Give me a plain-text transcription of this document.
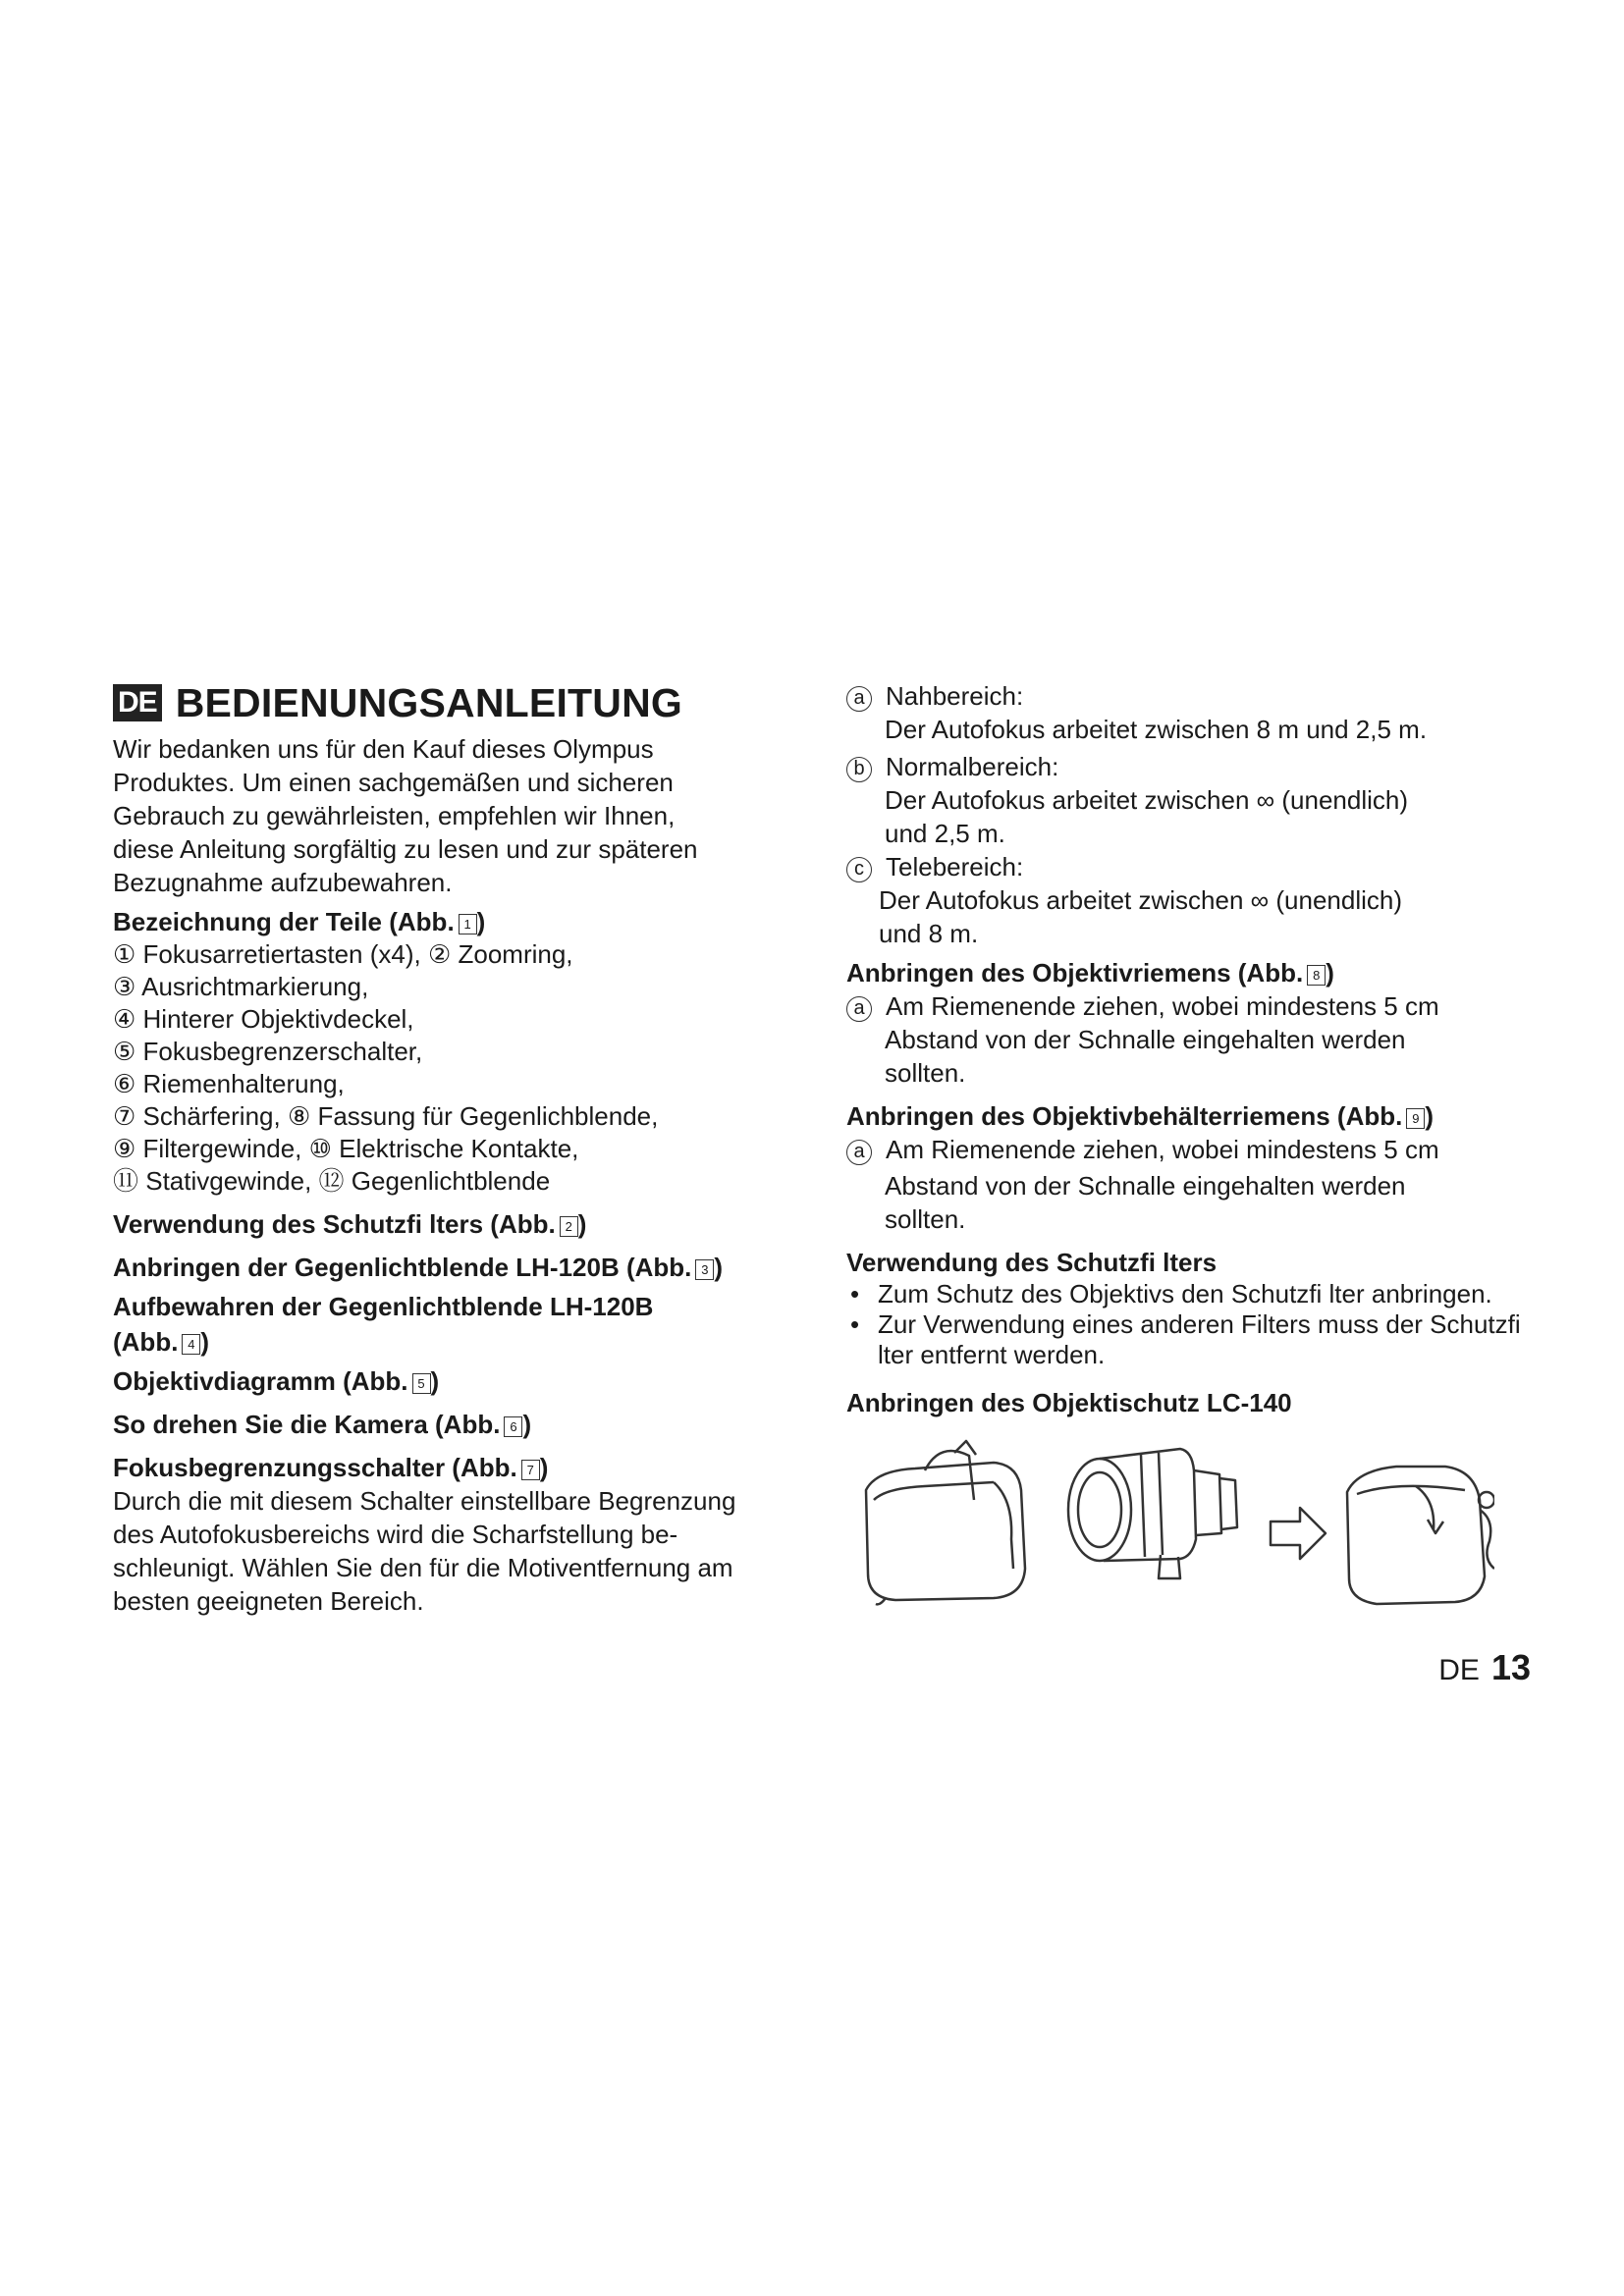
DE BEDIENUNGSANLEITUNG

Wir bedanken uns für den Kauf dieses Olympus

Produktes. Um einen sachgemäßen und sicheren

Gebrauch zu gewährleisten, empfehlen wir Ihnen,

diese Anleitung sorgfältig zu lesen und zur späteren

Bezugnahme aufzubewahren.

Bezeichnung der Teile (Abb. 1 )
① Fokusarretiertasten (x4), ② Zoomring,
③ Ausrichtmarkierung,
④ Hinterer Objektivdeckel,
⑤ Fokusbegrenzerschalter,
⑥ Riemenhalterung,
⑦ Schärfering, ⑧ Fassung für Gegenlichblende,
⑨ Filtergewinde, ⑩ Elektrische Kontakte,
⑪ Stativgewinde, ⑫ Gegenlichtblende
Verwendung des Schutzfi lters (Abb. 2 )
Anbringen der Gegenlichtblende LH-120B (Abb. 3 )
Aufbewahren der Gegenlichtblende LH-120B
(Abb. 4 )
Objektivdiagramm (Abb. 5 )
So drehen Sie die Kamera (Abb. 6 )
Fokusbegrenzungsschalter (Abb. 7 )

Durch die mit diesem Schalter einstellbare Begrenzung

des Autofokusbereichs wird die Scharfstellung be-

schleunigt. Wählen Sie den für die Motiventfernung am

besten geeigneten Bereich.

a Nahbereich:
Der Autofokus arbeitet zwischen 8 m und 2,5 m.
b Normalbereich:
Der Autofokus arbeitet zwischen ∞ (unendlich)
und 2,5 m.
c Telebereich:
Der Autofokus arbeitet zwischen ∞ (unendlich)
und 8 m.
Anbringen des Objektivriemens (Abb. 8 )
a Am Riemenende ziehen, wobei mindestens 5 cm
Abstand von der Schnalle eingehalten werden
sollten.
Anbringen des Objektivbehälterriemens (Abb. 9 )
a Am Riemenende ziehen, wobei mindestens 5 cm
Abstand von der Schnalle eingehalten werden
sollten.
Verwendung des Schutzfi lters
• Zum Schutz des Objektivs den Schutzfi lter anbringen.
• Zur Verwendung eines anderen Filters muss der Schutzfi lter entfernt werden.
Anbringen des Objektischutz LC-140
DE 13
